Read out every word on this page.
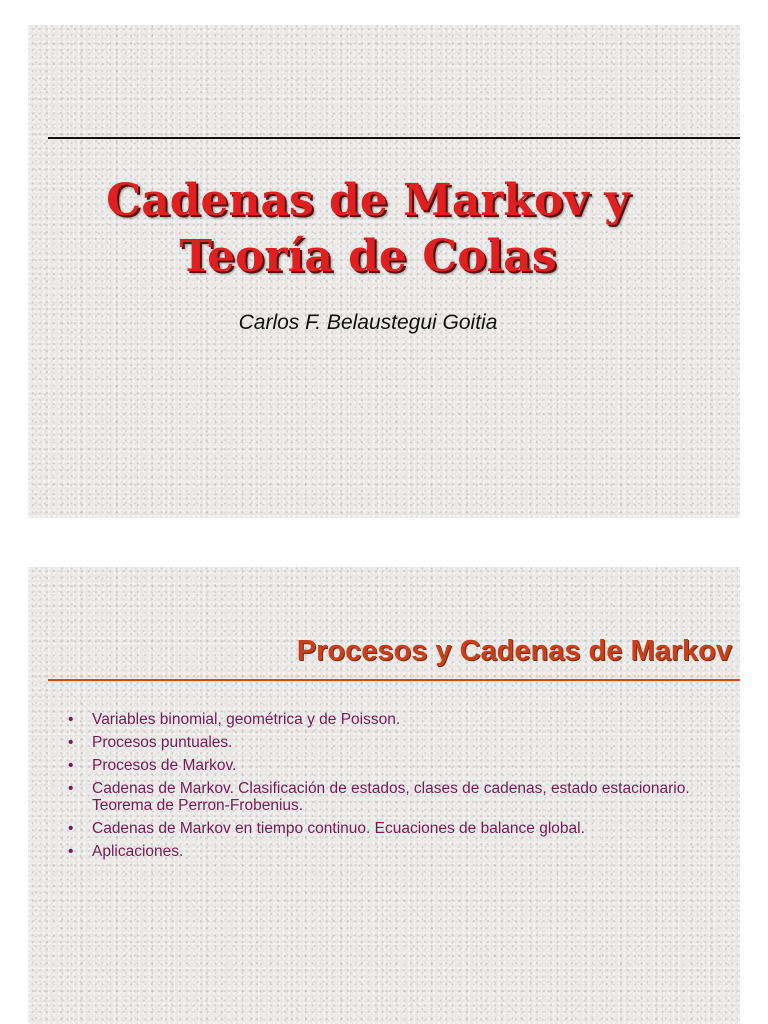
Cadenas de Markov y
Teoría de Colas
Carlos F. Belaustegui Goitia
Procesos y Cadenas de Markov
• Variables binomial, geométrica y de Poisson.
• Procesos puntuales.
• Procesos de Markov.
• Cadenas de Markov. Clasificación de estados, clases de cadenas, estado estacionario. Teorema de Perron-Frobenius.
• Cadenas de Markov en tiempo continuo. Ecuaciones de balance global.
• Aplicaciones.
